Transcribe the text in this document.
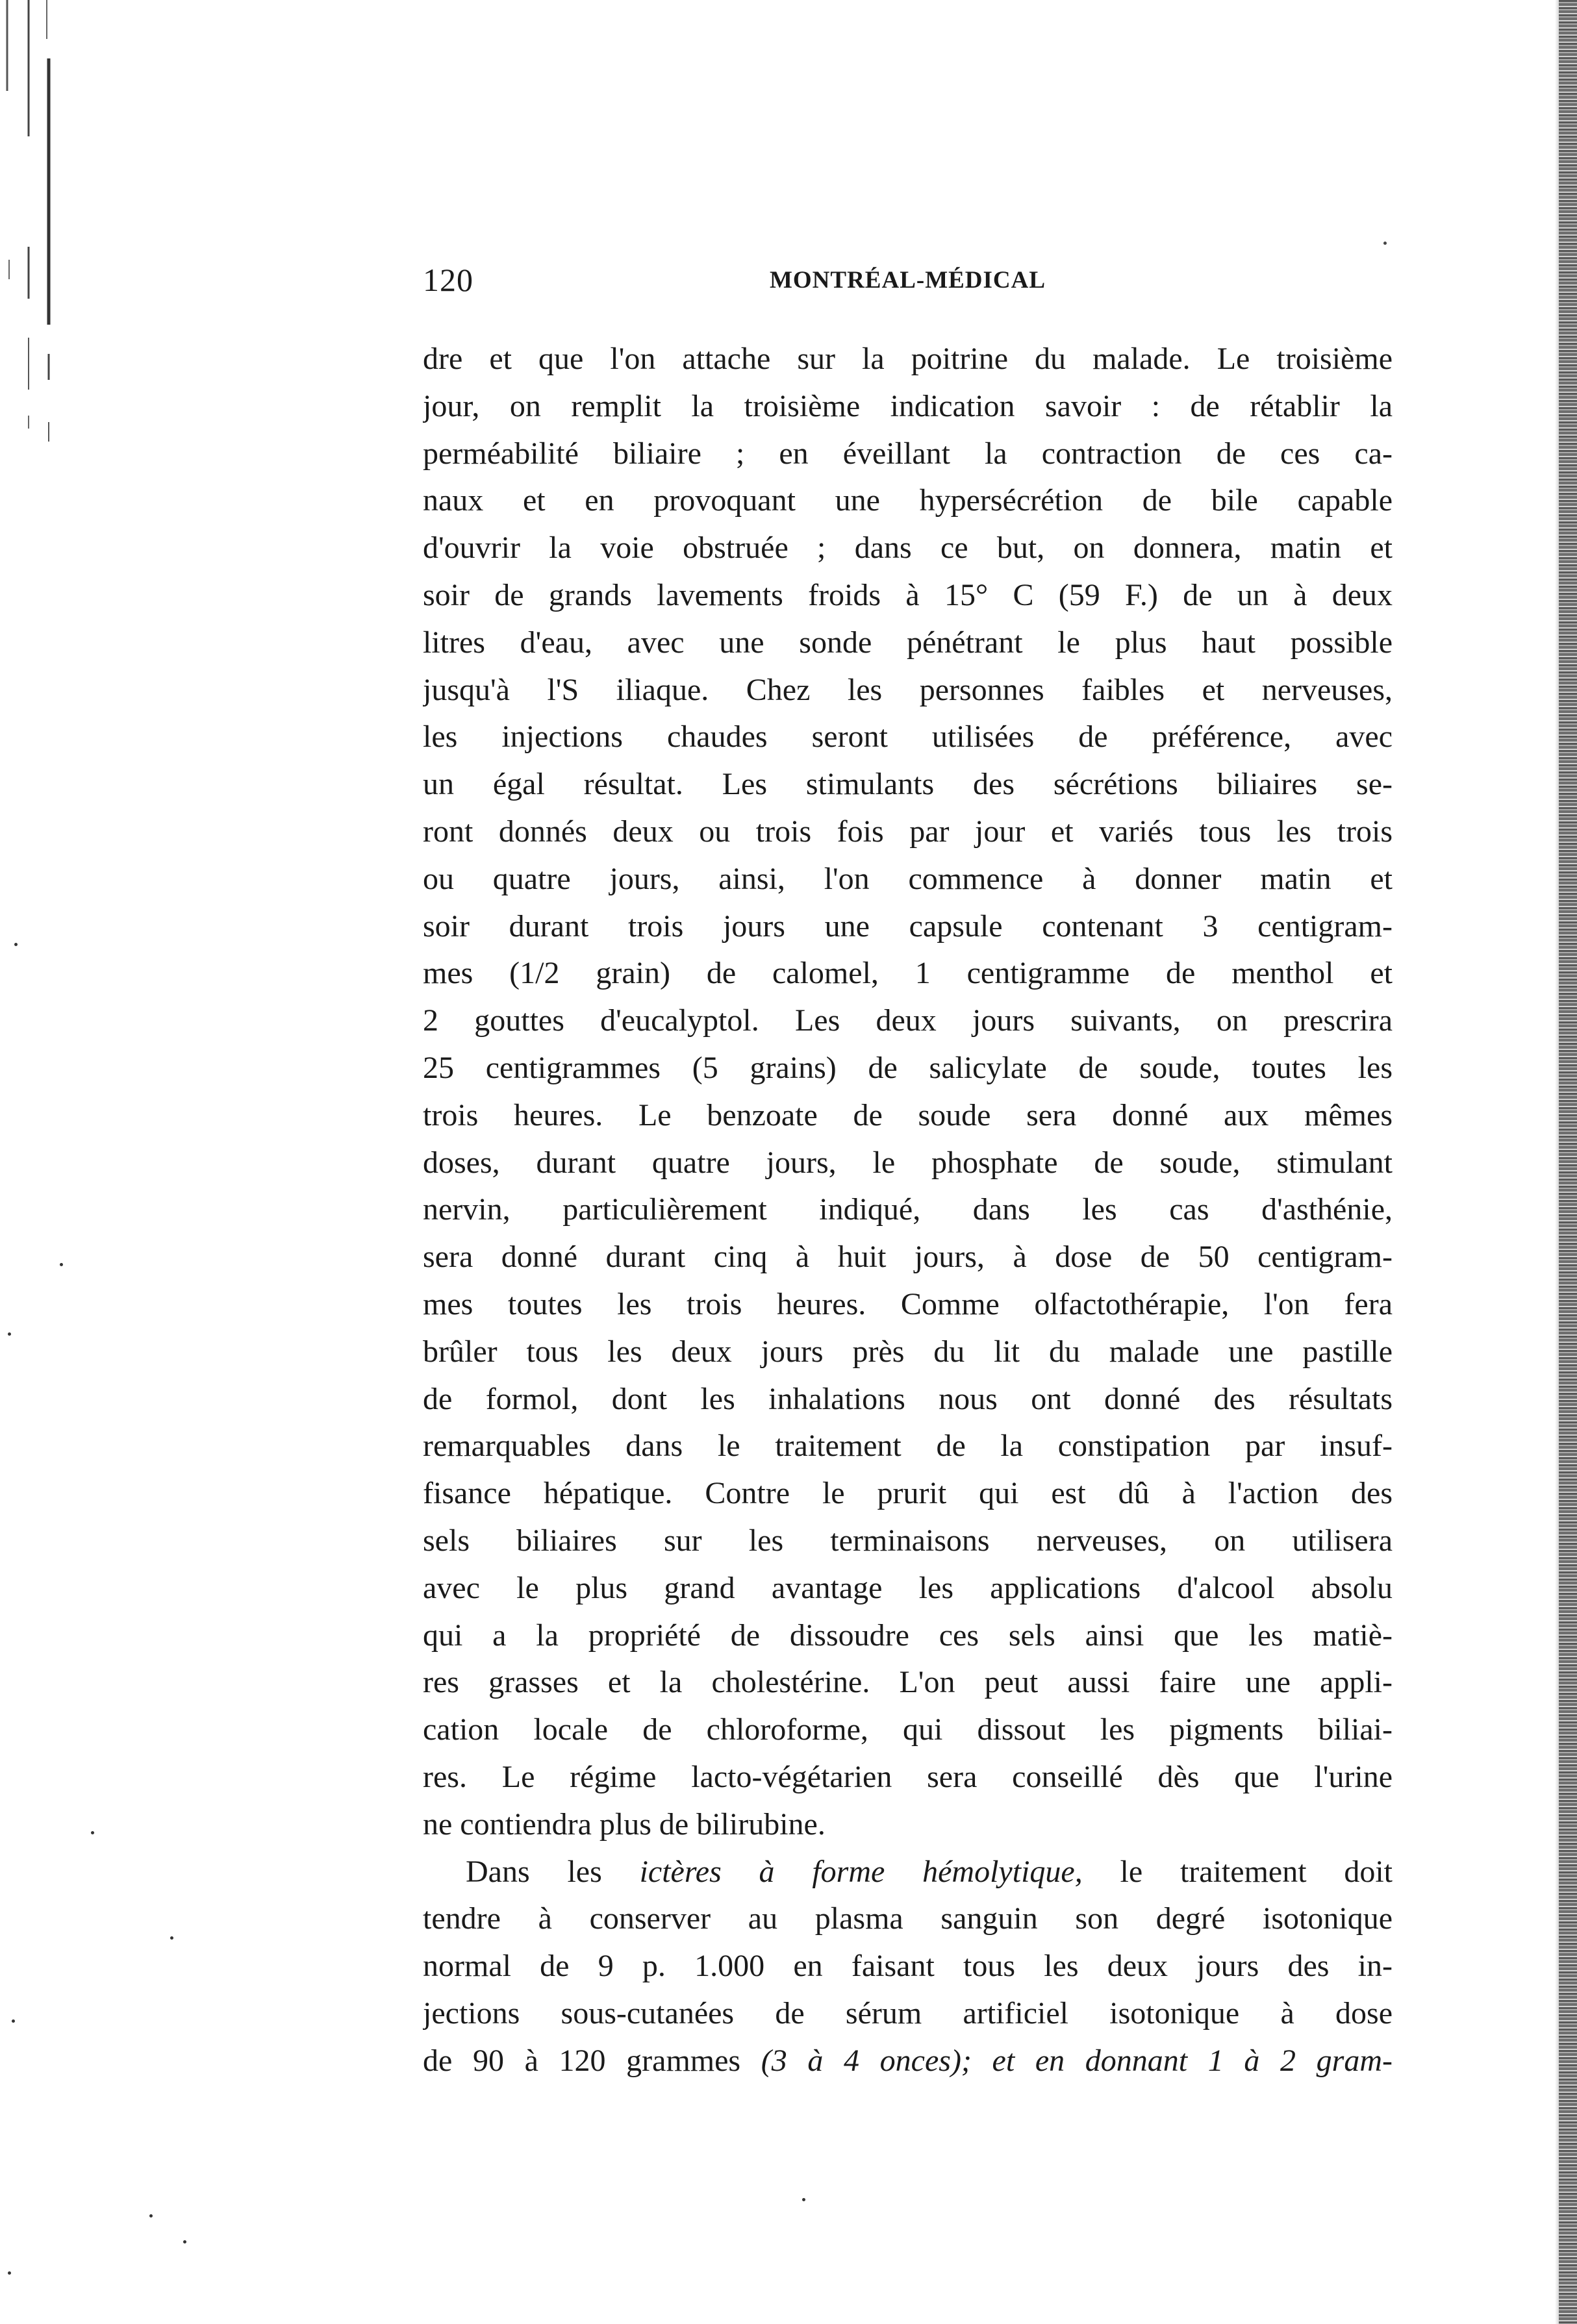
120	MONTRÉAL-MÉDICAL
dre et que l'on attache sur la poitrine du malade. Le troisième
jour, on remplit la troisième indication savoir : de rétablir la
perméabilité biliaire ; en éveillant la contraction de ces ca-
naux et en provoquant une hypersécrétion de bile capable
d'ouvrir la voie obstruée ; dans ce but, on donnera, matin et
soir de grands lavements froids à 15° C (59 F.) de un à deux
litres d'eau, avec une sonde pénétrant le plus haut possible
jusqu'à l'S iliaque. Chez les personnes faibles et nerveuses,
les injections chaudes seront utilisées de préférence, avec
un égal résultat. Les stimulants des sécrétions biliaires se-
ront donnés deux ou trois fois par jour et variés tous les trois
ou quatre jours, ainsi, l'on commence à donner matin et
soir durant trois jours une capsule contenant 3 centigram-
mes (1/2 grain) de calomel, 1 centigramme de menthol et
2 gouttes d'eucalyptol. Les deux jours suivants, on prescrira
25 centigrammes (5 grains) de salicylate de soude, toutes les
trois heures. Le benzoate de soude sera donné aux mêmes
doses, durant quatre jours, le phosphate de soude, stimulant
nervin, particulièrement indiqué, dans les cas d'asthénie,
sera donné durant cinq à huit jours, à dose de 50 centigram-
mes toutes les trois heures. Comme olfactothérapie, l'on fera
brûler tous les deux jours près du lit du malade une pastille
de formol, dont les inhalations nous ont donné des résultats
remarquables dans le traitement de la constipation par insuf-
fisance hépatique. Contre le prurit qui est dû à l'action des
sels biliaires sur les terminaisons nerveuses, on utilisera
avec le plus grand avantage les applications d'alcool absolu
qui a la propriété de dissoudre ces sels ainsi que les matiè-
res grasses et la cholestérine. L'on peut aussi faire une appli-
cation locale de chloroforme, qui dissout les pigments biliai-
res. Le régime lacto-végétarien sera conseillé dès que l'urine
ne contiendra plus de bilirubine.
Dans les ictères à forme hémolytique, le traitement doit
tendre à conserver au plasma sanguin son degré isotonique
normal de 9 p. 1.000 en faisant tous les deux jours des in-
jections sous-cutanées de sérum artificiel isotonique à dose
de 90 à 120 grammes (3 à 4 onces); et en donnant 1 à 2 gram-
